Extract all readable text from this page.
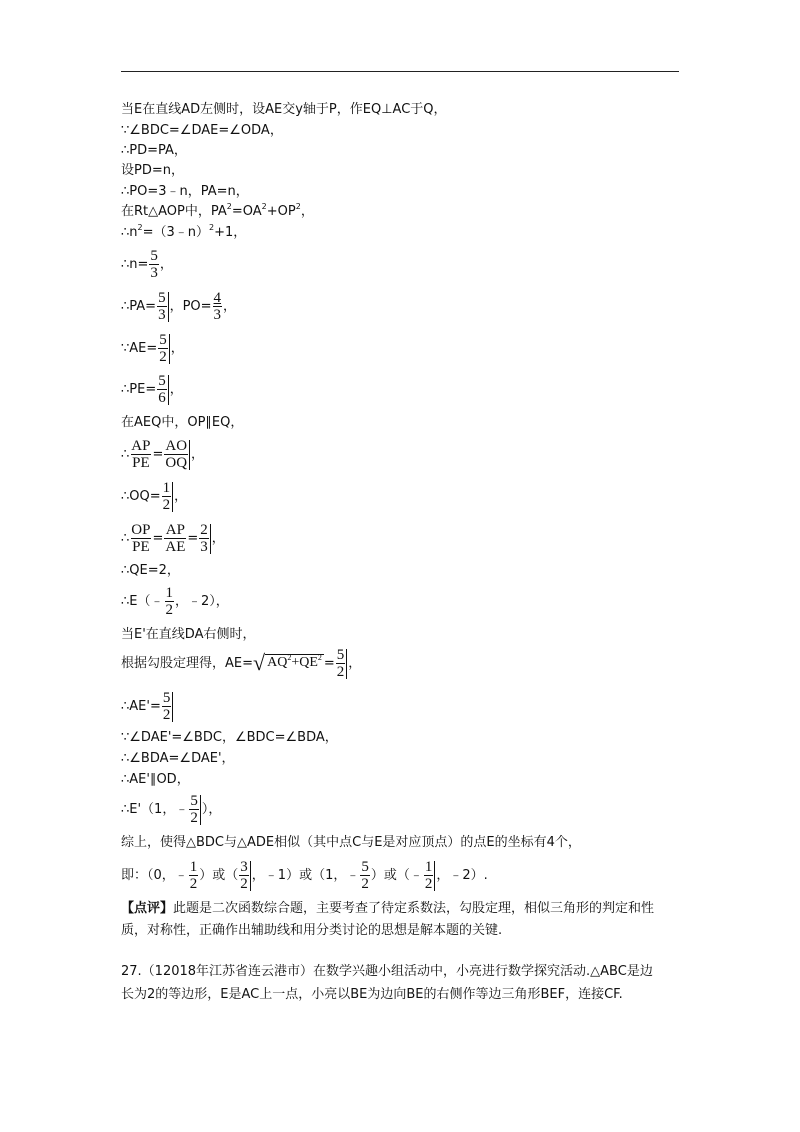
当E在直线AD左侧时，设AE交y轴于P，作EQ⊥AC于Q，
∵∠BDC=∠DAE=∠ODA，
∴PD=PA，
设PD=n，
∴PO=3﹣n，PA=n，
在Rt△AOP中，$PA^2=OA^2+OP^2$，
$\therefore n^2=(3﹣n)^2+1$，
∴n= $\frac{5}{3}$ ，
∴PA= $\frac{5}{3}$ ，$PO= \frac{4}{3}$ ，
∵AE= $\frac{5}{2}$ ，
∴PE= $\frac{5}{6}$ ，
在AEQ中，OP∥EQ，
∴ $\frac{AP}{PE} = \frac{AO}{OQ}$ ，
∴OQ= $\frac{1}{2}$ ，
∴ $\frac{OP}{PE} = \frac{AP}{AE} = \frac{2}{3}$ ，
∴QE=2，
∴E（﹣ $\frac{1}{2}$ ，﹣2），
当E'在直线DA右侧时，
根据勾股定理得，AE=√ $AQ^2+QE^2 = \frac{5}{2}$ ，
∴AE'= $\frac{5}{2}$
∵∠DAE'=∠BDC，∠BDC=∠BDA，
∴∠BDA=∠DAE'，
∴AE'∥OD，
∴E'（1，﹣ $\frac{5}{2}$ ），
综上，使得△BDC与△ADE相似（其中点C与E是对应顶点）的点E的坐标有4个，
即：（0，﹣ $\frac{1}{2}$ ）或（ $\frac{3}{2}$ ，﹣1）或（1，﹣ $\frac{5}{2}$ ）或（﹣ $\frac{1}{2}$ ，﹣2）.
【点评】此题是二次函数综合题，主要考查了待定系数法，勾股定理，相似三角形的判定和性
质，对称性，正确作出辅助线和用分类讨论的思想是解本题的关键.
27.（12018年江苏省连云港市）在数学兴趣小组活动中，小亮进行数学探究活动.△ABC是边
长为2的等边形，E是AC上一点，小亮以BE为边向BE的右侧作等边三角形BEF，连接CF.
